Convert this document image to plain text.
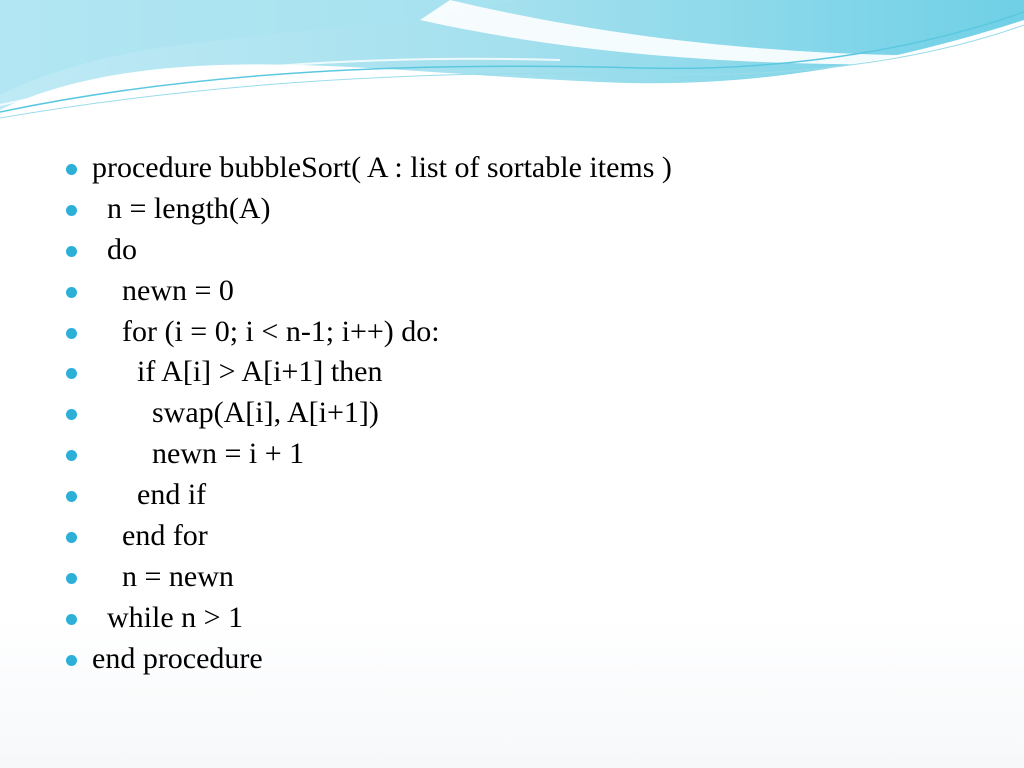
procedure bubbleSort( A : list of sortable items )
n = length(A)
do
newn = 0
for (i = 0; i < n-1; i++) do:
if A[i] > A[i+1] then
swap(A[i], A[i+1])
newn = i + 1
end if
end for
n = newn
while n > 1
end procedure
